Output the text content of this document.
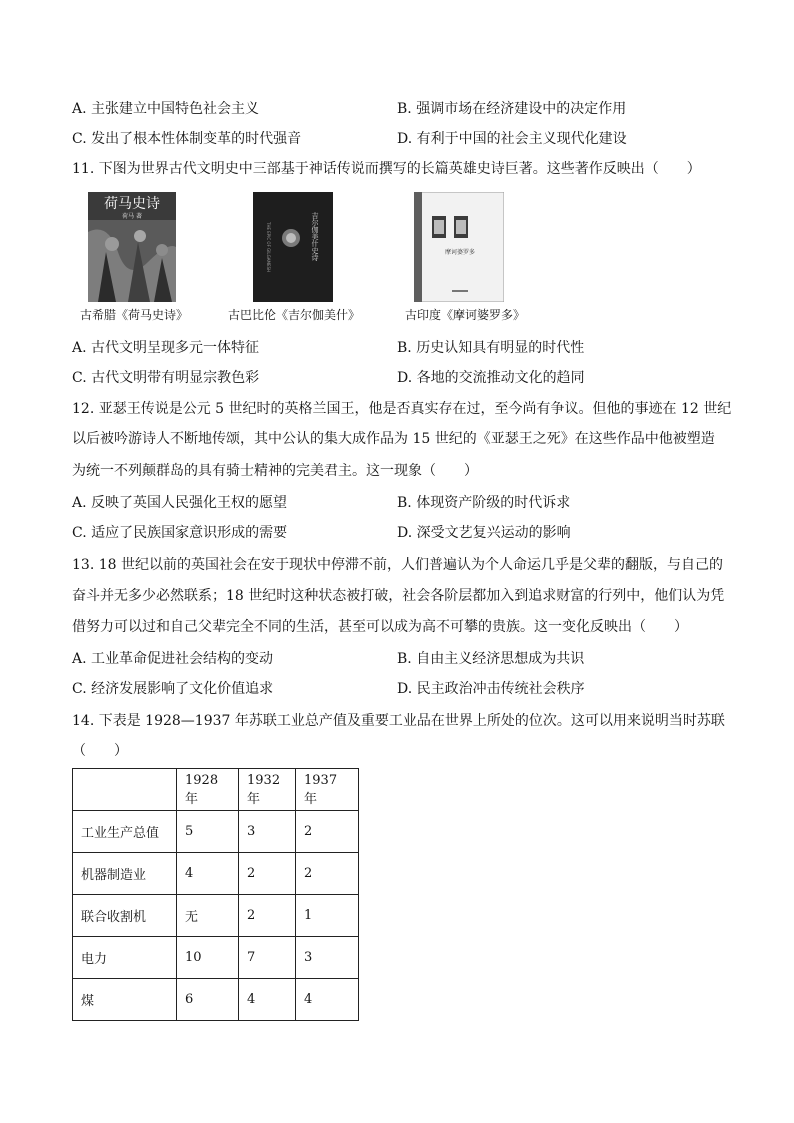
A. 主张建立中国特色社会主义	B. 强调市场在经济建设中的决定作用
C. 发出了根本性体制变革的时代强音	D. 有利于中国的社会主义现代化建设
11. 下图为世界古代文明史中三部基于神话传说而撰写的长篇英雄史诗巨著。这些著作反映出（　　）
荷马史诗
荷马 著
THE EPIC OF GILGAMESH	吉尔伽美什史诗	摩诃婆罗多
古希腊《荷马史诗》	古巴比伦《吉尔伽美什》	古印度《摩诃婆罗多》
A. 古代文明呈现多元一体特征	B. 历史认知具有明显的时代性
C. 古代文明带有明显宗教色彩	D. 各地的交流推动文化的趋同
12. 亚瑟王传说是公元 5 世纪时的英格兰国王，他是否真实存在过，至今尚有争议。但他的事迹在 12 世纪
以后被吟游诗人不断地传颂，其中公认的集大成作品为 15 世纪的《亚瑟王之死》在这些作品中他被塑造
为统一不列颠群岛的具有骑士精神的完美君主。这一现象（　　）
A. 反映了英国人民强化王权的愿望	B. 体现资产阶级的时代诉求
C. 适应了民族国家意识形成的需要	D. 深受文艺复兴运动的影响
13. 18 世纪以前的英国社会在安于现状中停滞不前，人们普遍认为个人命运几乎是父辈的翻版，与自己的
奋斗并无多少必然联系；18 世纪时这种状态被打破，社会各阶层都加入到追求财富的行列中，他们认为凭
借努力可以过和自己父辈完全不同的生活，甚至可以成为高不可攀的贵族。这一变化反映出（　　）
A. 工业革命促进社会结构的变动	B. 自由主义经济思想成为共识
C. 经济发展影响了文化价值追求	D. 民主政治冲击传统社会秩序
14. 下表是 1928—1937 年苏联工业总产值及重要工业品在世界上所处的位次。这可以用来说明当时苏联
（　　）
	1928 年	1932 年	1937 年
工业生产总值	5	3	2
机器制造业	4	2	2
联合收割机	无	2	1
电力	10	7	3
煤	6	4	4
